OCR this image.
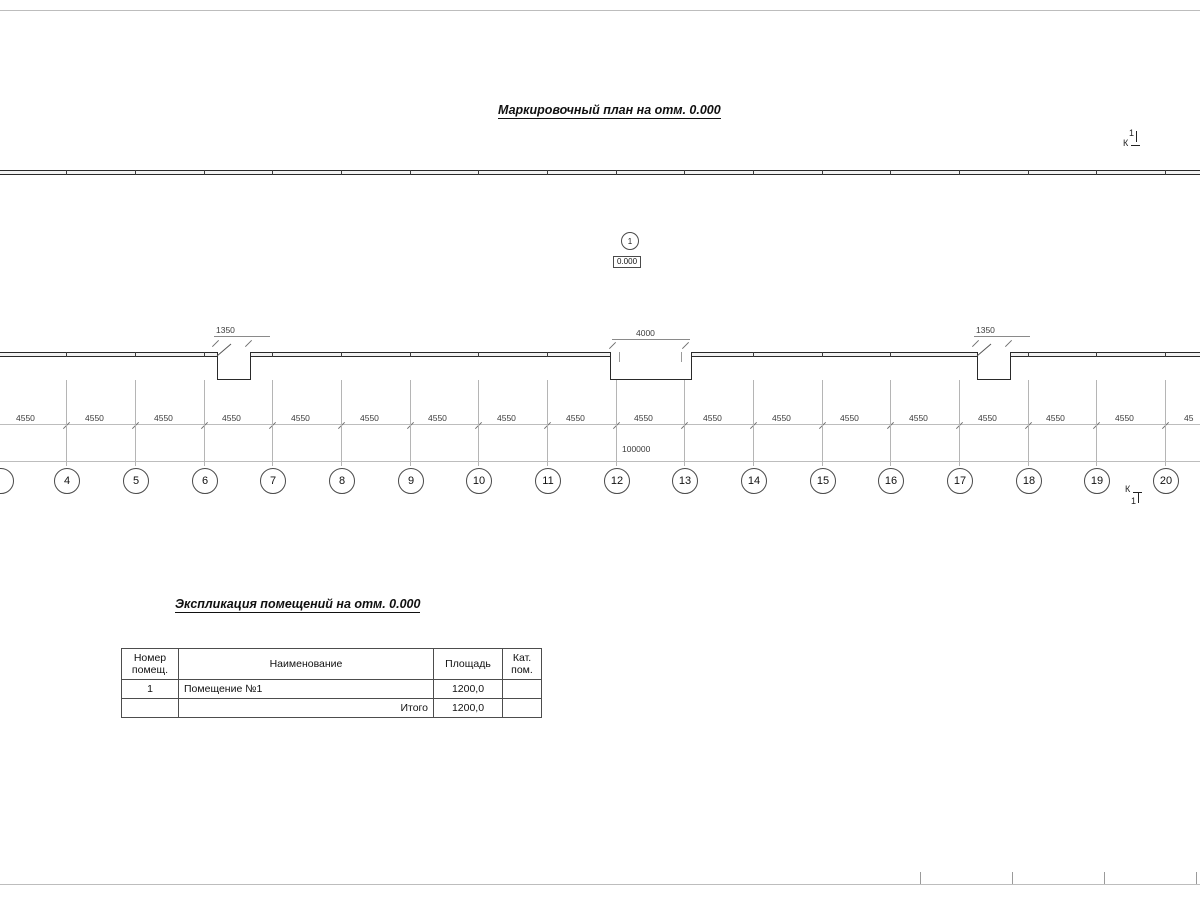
Маркировочный план на отм. 0.000
1
К
1
0.000
1350	4000	1350
4550	4550	4550	4550	4550	4550	4550	4550	4550	4550	4550	4550	4550	4550	4550	4550	4550	45
100000
4	5	6	7	8	9	10	11	12	13	14	15	16	17	18	19	20
К
1
Экспликация помещений на отм. 0.000
Номер
помещ.	Наименование	Площадь	Кат.
пом.
1	Помещение №1	1200,0	
	Итого	1200,0	
